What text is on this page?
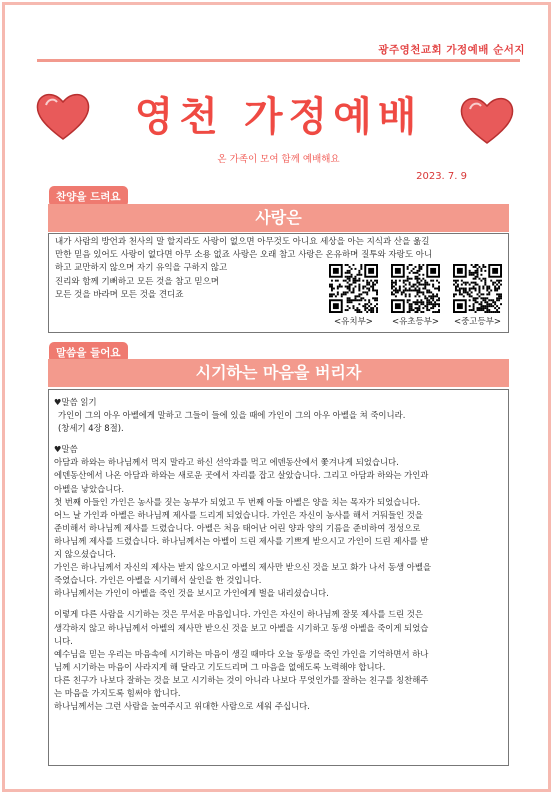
광주영천교회 가정예배 순서지
영천 가정예배
온 가족이 모여 함께 예배해요
2023. 7. 9
찬양을 드려요
사랑은
내가 사람의 방언과 천사의 말 할지라도 사랑이 없으면 아무것도 아니요 세상을 아는 지식과 산을 옮길
만한 믿음 있어도 사랑이 없다면 아무 소용 없죠 사랑은 오래 참고 사랑은 온유하며 질투와 자랑도 아니
하고 교만하지 않으며 자기 유익을 구하지 않고
진리와 함께 기뻐하고 모든 것을 참고 믿으며
모든 것을 바라며 모든 것을 견디죠
<유치부>	<유초등부> <중고등부>
말씀을 들어요
시기하는 마음을 버리자

♥말씀 읽기

가인이 그의 아우 아벨에게 말하고 그들이 들에 있을 때에 가인이 그의 아우 아벨을 쳐 죽이니라.

(창세기 4장 8절).

♥말씀

아담과 하와는 하나님께서 먹지 말라고 하신 선악과를 먹고 에덴동산에서 쫓겨나게 되었습니다.

에덴동산에서 나온 아담과 하와는 새로운 곳에서 자리를 잡고 살았습니다. 그리고 아담과 하와는 가인과

아벨을 낳았습니다.

첫 번째 아들인 가인은 농사를 짓는 농부가 되었고 두 번째 아들 아벨은 양을 치는 목자가 되었습니다.

어느 날 가인과 아벨은 하나님께 제사를 드리게 되었습니다. 가인은 자신이 농사를 해서 거둬들인 것을

준비해서 하나님께 제사를 드렸습니다. 아벨은 처음 태어난 어린 양과 양의 기름을 준비하여 정성으로

하나님께 제사를 드렸습니다. 하나님께서는 아벨이 드린 제사를 기쁘게 받으시고 가인이 드린 제사를 받

지 않으셨습니다.

가인은 하나님께서 자신의 제사는 받지 않으시고 아벨의 제사만 받으신 것을 보고 화가 나서 동생 아벨을

죽였습니다. 가인은 아벨을 시기해서 살인을 한 것입니다.

하나님께서는 가인이 아벨을 죽인 것을 보시고 가인에게 벌을 내리셨습니다.

이렇게 다른 사람을 시기하는 것은 무서운 마음입니다. 가인은 자신이 하나님께 잘못 제사를 드린 것은

생각하지 않고 하나님께서 아벨의 제사만 받으신 것을 보고 아벨을 시기하고 동생 아벨을 죽이게 되었습

니다.

예수님을 믿는 우리는 마음속에 시기하는 마음이 생길 때마다 오늘 동생을 죽인 가인을 기억하면서 하나

님께 시기하는 마음이 사라지게 해 달라고 기도드리며 그 마음을 없애도록 노력해야 합니다.

다른 친구가 나보다 잘하는 것을 보고 시기하는 것이 아니라 나보다 무엇인가를 잘하는 친구를 칭찬해주

는 마음을 가지도록 힘써야 합니다.

하나님께서는 그런 사람을 높여주시고 위대한 사람으로 세워 주십니다.
